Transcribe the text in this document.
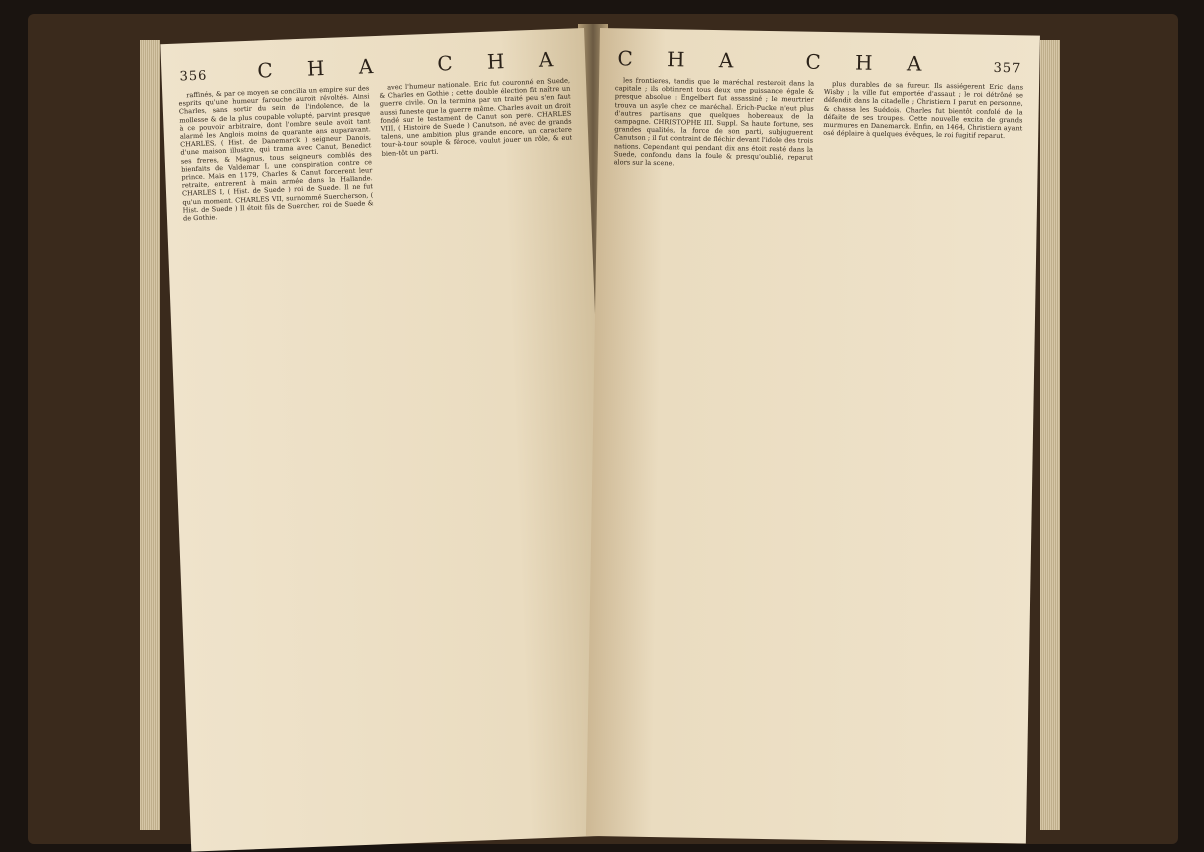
356 C H A C H A

raffinés, & par ce moyen se concilia un empire sur des esprits qu'une humeur farouche auroit révoltés. Ainsi Charles, sans sortir du sein de l'indolence, de la mollesse & de la plus coupable volupté, parvint presque à ce pouvoir arbitraire, dont l'ombre seule avoit tant alarmé les Anglois moins de quarante ans auparavant. CHARLES, ( Hist. de Danemarck ) seigneur Danois, d'une maison illustre, qui trama avec Canut, Benedict ses freres, & Magnus, tous seigneurs comblés des bienfaits de Valdemar I, une conspiration contre ce prince. Mais en 1179, Charles & Canut forcerent leur retraite, entrerent à main armée dans la Hallande. CHARLES I, ( Hist. de Suede ) roi de Suede. Il ne fut qu'un moment. CHARLES VII, surnommé Suercherson, ( Hist. de Suede ) Il étoit fils de Suercher, roi de Suede & de Gothie.

avec l'humeur nationale. Eric fut couronné en Suede, & Charles en Gothie ; cette double élection fit naître un guerre civile. On la termina par un traité peu s'en faut aussi funeste que la guerre même. Charles avoit un droit fondé sur le testament de Canut son pere. CHARLES VIII, ( Histoire de Suede ) Canutson, né avec de grands talens, une ambition plus grande encore, un caractere tour-à-tour souple & féroce, voulut jouer un rôle, & eut bien-tôt un parti.

C H A	C H A	357

les frontieres, tandis que le maréchal resteroit dans la capitale ; ils obtinrent tous deux une puissance égale & presque absolue : Engelbert fut assassiné ; le meurtrier trouva un asyle chez ce maréchal. Erich-Pucke n'eut plus d'autres partisans que quelques hobereaux de la campagne. CHRISTOPHE III. Suppl. Sa haute fortune, ses grandes qualités, la force de son parti, subjuguerent Canutson ; il fut contraint de fléchir devant l'idole des trois nations. Cependant qui pendant dix ans étoit resté dans la Suede, confondu dans la foule & presqu'oublié, reparut alors sur la scene.

plus durables de sa fureur. Ils assiégerent Eric dans Wisby ; la ville fut emportée d'assaut ; le roi détrôné se défendit dans la citadelle ; Christiern I parut en personne, & chassa les Suédois. Charles fut bientôt confolé de la défaite de ses troupes. Cette nouvelle excita de grands murmures en Danemarck. Enfin, en 1464, Christiern ayant osé déplaire à quelques évêques, le roi fugitif reparut.
